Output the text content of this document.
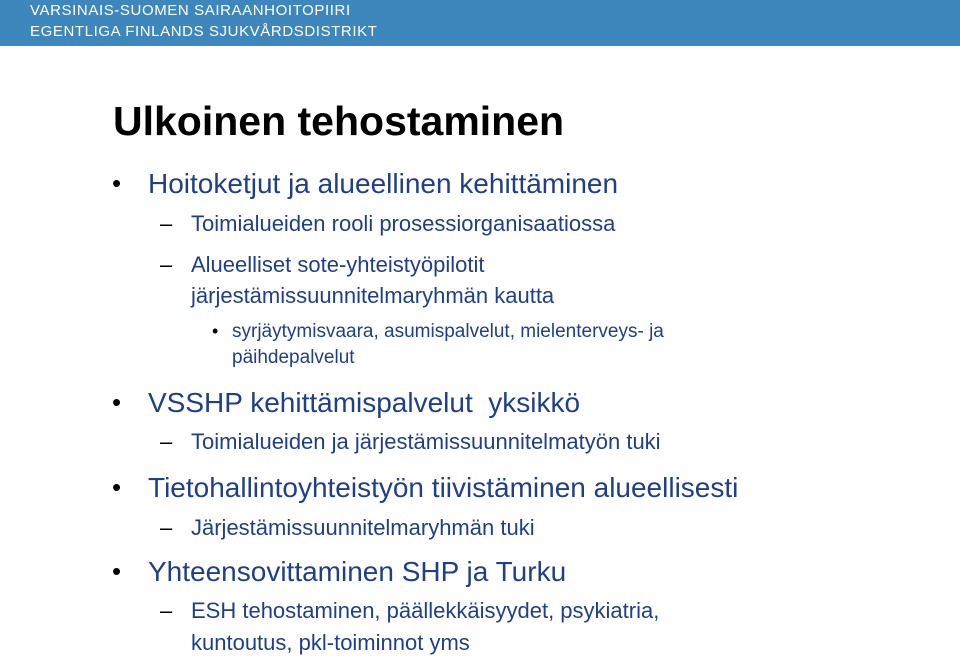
VARSINAIS-SUOMEN SAIRAANHOITOPIIRI
EGENTLIGA FINLANDS SJUKVÅRDSDISTRIKT
Ulkoinen tehostaminen
• Hoitoketjut ja alueellinen kehittäminen
– Toimialueiden rooli prosessiorganisaatiossa
– Alueelliset sote-yhteistyöpilotit
järjestämissuunnitelmaryhmän kautta
• syrjäytymisvaara, asumispalvelut, mielenterveys- ja
päihdepalvelut
• VSSHP kehittämispalvelut  yksikkö
– Toimialueiden ja järjestämissuunnitelmatyön tuki
• Tietohallintoyhteistyön tiivistäminen alueellisesti
– Järjestämissuunnitelmaryhmän tuki
• Yhteensovittaminen SHP ja Turku
– ESH tehostaminen, päällekkäisyydet, psykiatria,
kuntoutus, pkl-toiminnot yms
